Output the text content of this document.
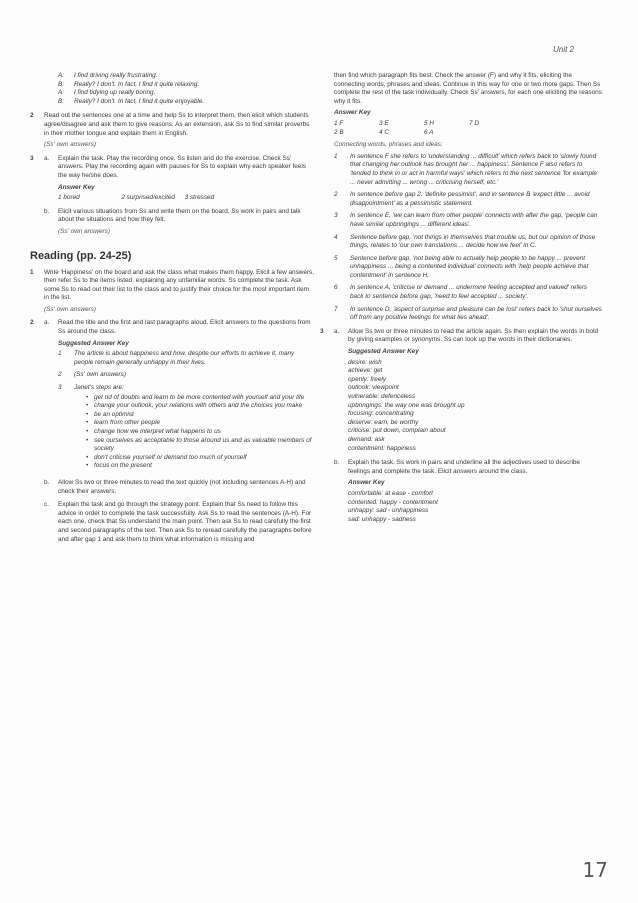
Unit 2
A: I find driving really frustrating.
B: Really? I don't. In fact, I find it quite relaxing.
A: I find tidying up really boring.
B: Really? I don't. In fact, I find it quite enjoyable.
2 Read out the sentences one at a time and help Ss to interpret them, then elicit which students agree/disagree and ask them to give reasons. As an extension, ask Ss to find similar proverbs in their mother tongue and explain them in English.

(Ss' own answers)

3 a. Explain the task. Play the recording once. Ss listen and do the exercise. Check Ss' answers. Play the recording again with pauses for Ss to explain why each speaker feels the way he/she does.

Answer Key

1 bored	2 surprised/excited	3 stressed
b. Elicit various situations from Ss and write them on the board. Ss work in pairs and talk about the situations and how they felt.

(Ss' own answers)

Reading (pp. 24-25)
1 Write 'Happiness' on the board and ask the class what makes them happy. Elicit a few answers, then refer Ss to the items listed, explaining any unfamiliar words. Ss complete the task. Ask some Ss to read out their list to the class and to justify their choice for the most important item in the list.

(Ss' own answers)

2 a. Read the title and the first and last paragraphs aloud. Elicit answers to the questions from Ss around the class.

Suggested Answer Key

1 The article is about happiness and how, despite our efforts to achieve it, many people remain generally unhappy in their lives.
2 (Ss' own answers)
3 Janet's steps are:
• get rid of doubts and learn to be more contented with yourself and your life
• change your outlook, your relations with others and the choices you make
• be an optimist
• learn from other people
• change how we interpret what happens to us
• see ourselves as acceptable to those around us and as valuable members of society
• don't criticise yourself or demand too much of yourself
• focus on the present
b. Allow Ss two or three minutes to read the text quickly (not including sentences A-H) and check their answers.

c. Explain the task and go through the strategy point. Explain that Ss need to follow this advice in order to complete the task successfully. Ask Ss to read the sentences (A-H). For each one, check that Ss understand the main point. Then ask Ss to read carefully the first and second paragraphs of the text. Then ask Ss to reread carefully the paragraphs before and after gap 1 and ask them to think what information is missing and

then find which paragraph fits best. Check the answer (F) and why it fits, eliciting the connecting words, phrases and ideas. Continue in this way for one or two more gaps. Then Ss complete the rest of the task individually. Check Ss' answers, for each one eliciting the reasons why it fits.

Answer Key

1 F	3 E	5 H	7 D
2 B	4 C	6 A

Connecting words, phrases and ideas:

1 In sentence F she refers to 'understanding ... difficult' which refers back to 'slowly found that changing her outlook has brought her ... happiness'. Sentence F also refers to 'tended to think in or act in harmful ways' which refers to the next sentence 'for example ... never admitting ... wrong ... criticising herself, etc.'
2 In sentence before gap 2, 'definite pessimist', and in sentence B 'expect little ... avoid disappointment' as a pessimistic statement.
3 In sentence E, 'we can learn from other people' connects with after the gap, 'people can have similar upbringings ... different ideas'.
4 Sentence before gap, 'not things in themselves that trouble us, but our opinion of those things, relates to 'our own translations ... decide how we feel' in C.
5 Sentence before gap, 'not being able to actually help people to be happy ... prevent unhappiness ... being a contented individual' connects with 'help people achieve that contentment' in sentence H.
6 In sentence A, 'criticise or demand ... undermine feeling accepted and valued' refers back to sentence before gap, 'need to feel accepted ... society'.
7 In sentence D, 'aspect of surprise and pleasure can be lost' refers back to 'shut ourselves off from any positive feelings for what lies ahead'.
3 a. Allow Ss two or three minutes to read the article again. Ss then explain the words in bold by giving examples or synonyms. Ss can look up the words in their dictionaries.

Suggested Answer Key

desire: wish
achieve: get
openly: freely
outlook: viewpoint
vulnerable: defenceless
upbringings: the way one was brought up
focusing: concentrating
deserve: earn, be worthy
criticise: put down, complain about
demand: ask
contentment: happiness
b. Explain the task. Ss work in pairs and underline all the adjectives used to describe feelings and complete the task. Elicit answers around the class.

Answer Key

comfortable: at ease - comfort
contented: happy - contentment
unhappy: sad - unhappiness
sad: unhappy - sadness
17
